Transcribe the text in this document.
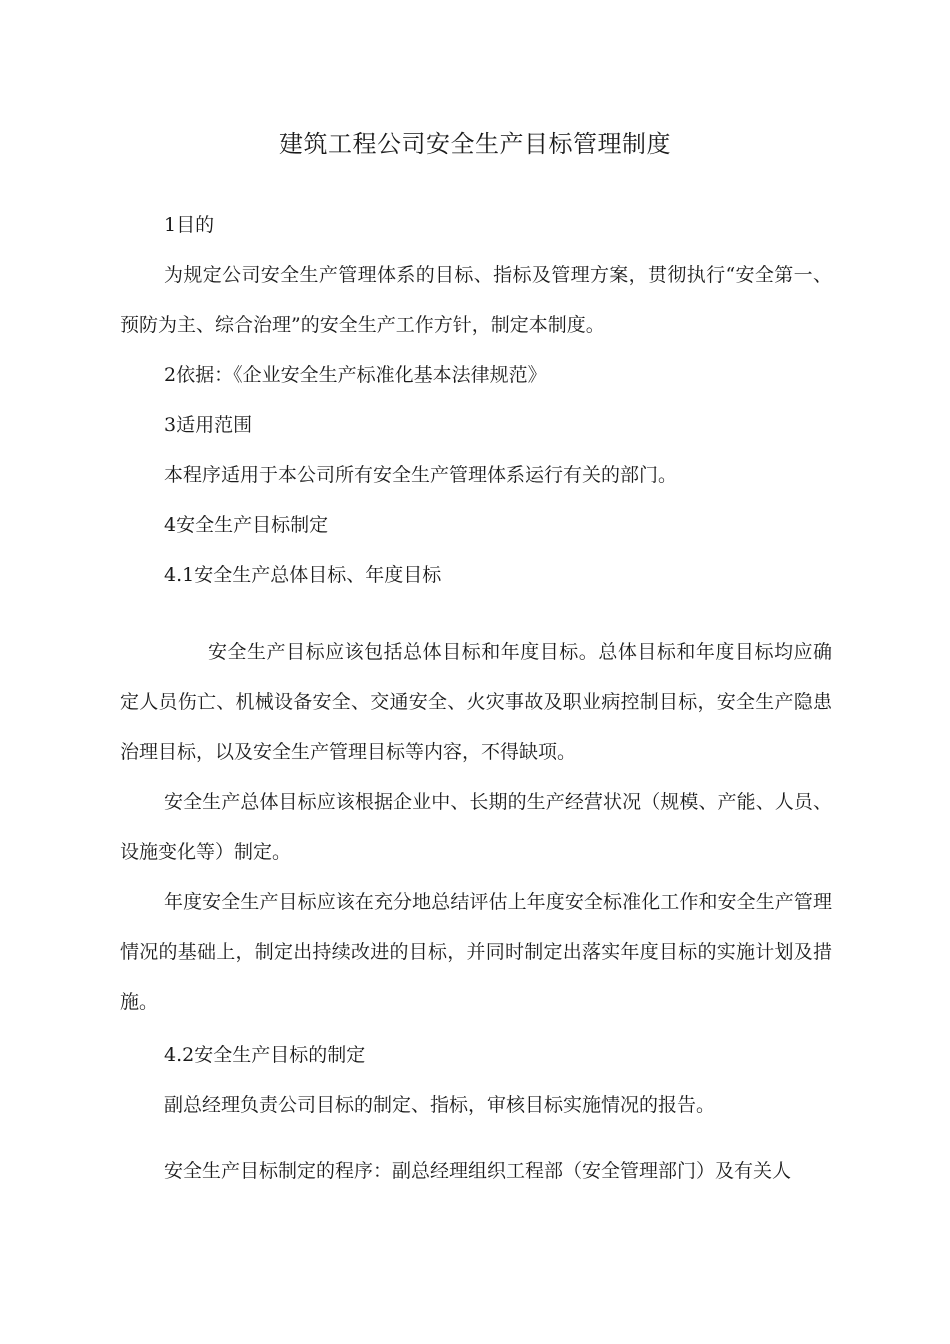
建筑工程公司安全生产目标管理制度

1目的

为规定公司安全生产管理体系的目标、指标及管理方案，贯彻执行“安全第一、预防为主、综合治理”的安全生产工作方针，制定本制度。

2依据：《企业安全生产标准化基本法律规范》

3适用范围

本程序适用于本公司所有安全生产管理体系运行有关的部门。

4安全生产目标制定

4.1安全生产总体目标、年度目标

安全生产目标应该包括总体目标和年度目标。总体目标和年度目标均应确定人员伤亡、机械设备安全、交通安全、火灾事故及职业病控制目标，安全生产隐患治理目标，以及安全生产管理目标等内容，不得缺项。

安全生产总体目标应该根据企业中、长期的生产经营状况（规模、产能、人员、设施变化等）制定。

年度安全生产目标应该在充分地总结评估上年度安全标准化工作和安全生产管理情况的基础上，制定出持续改进的目标，并同时制定出落实年度目标的实施计划及措施。

4.2安全生产目标的制定

副总经理负责公司目标的制定、指标，审核目标实施情况的报告。

安全生产目标制定的程序：副总经理组织工程部（安全管理部门）及有关人
